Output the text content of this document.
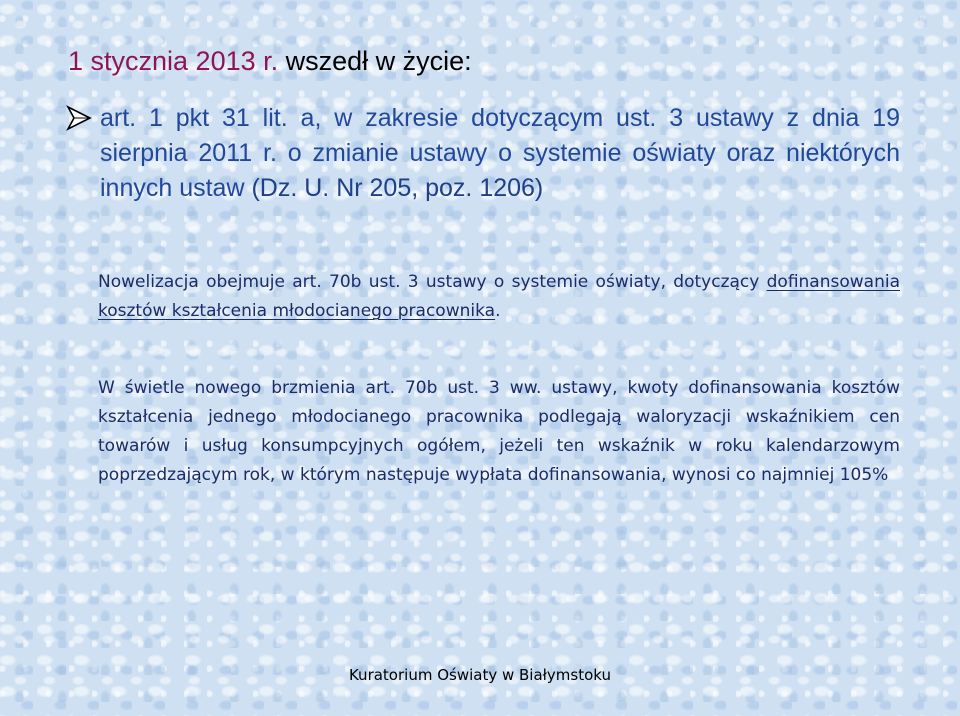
1 stycznia 2013 r. wszedł w życie:
art. 1 pkt 31 lit. a, w zakresie dotyczącym ust. 3 ustawy z dnia 19 sierpnia 2011 r. o zmianie ustawy o systemie oświaty oraz niektórych innych ustaw (Dz. U. Nr 205, poz. 1206)

Nowelizacja obejmuje art. 70b ust. 3 ustawy o systemie oświaty, dotyczący dofinansowania kosztów kształcenia młodocianego pracownika.

W świetle nowego brzmienia art. 70b ust. 3 ww. ustawy, kwoty dofinansowania kosztów kształcenia jednego młodocianego pracownika podlegają waloryzacji wskaźnikiem cen towarów i usług konsumpcyjnych ogółem, jeżeli ten wskaźnik w roku kalendarzowym poprzedzającym rok, w którym następuje wypłata dofinansowania, wynosi co najmniej 105%

Kuratorium Oświaty w Białymstoku
